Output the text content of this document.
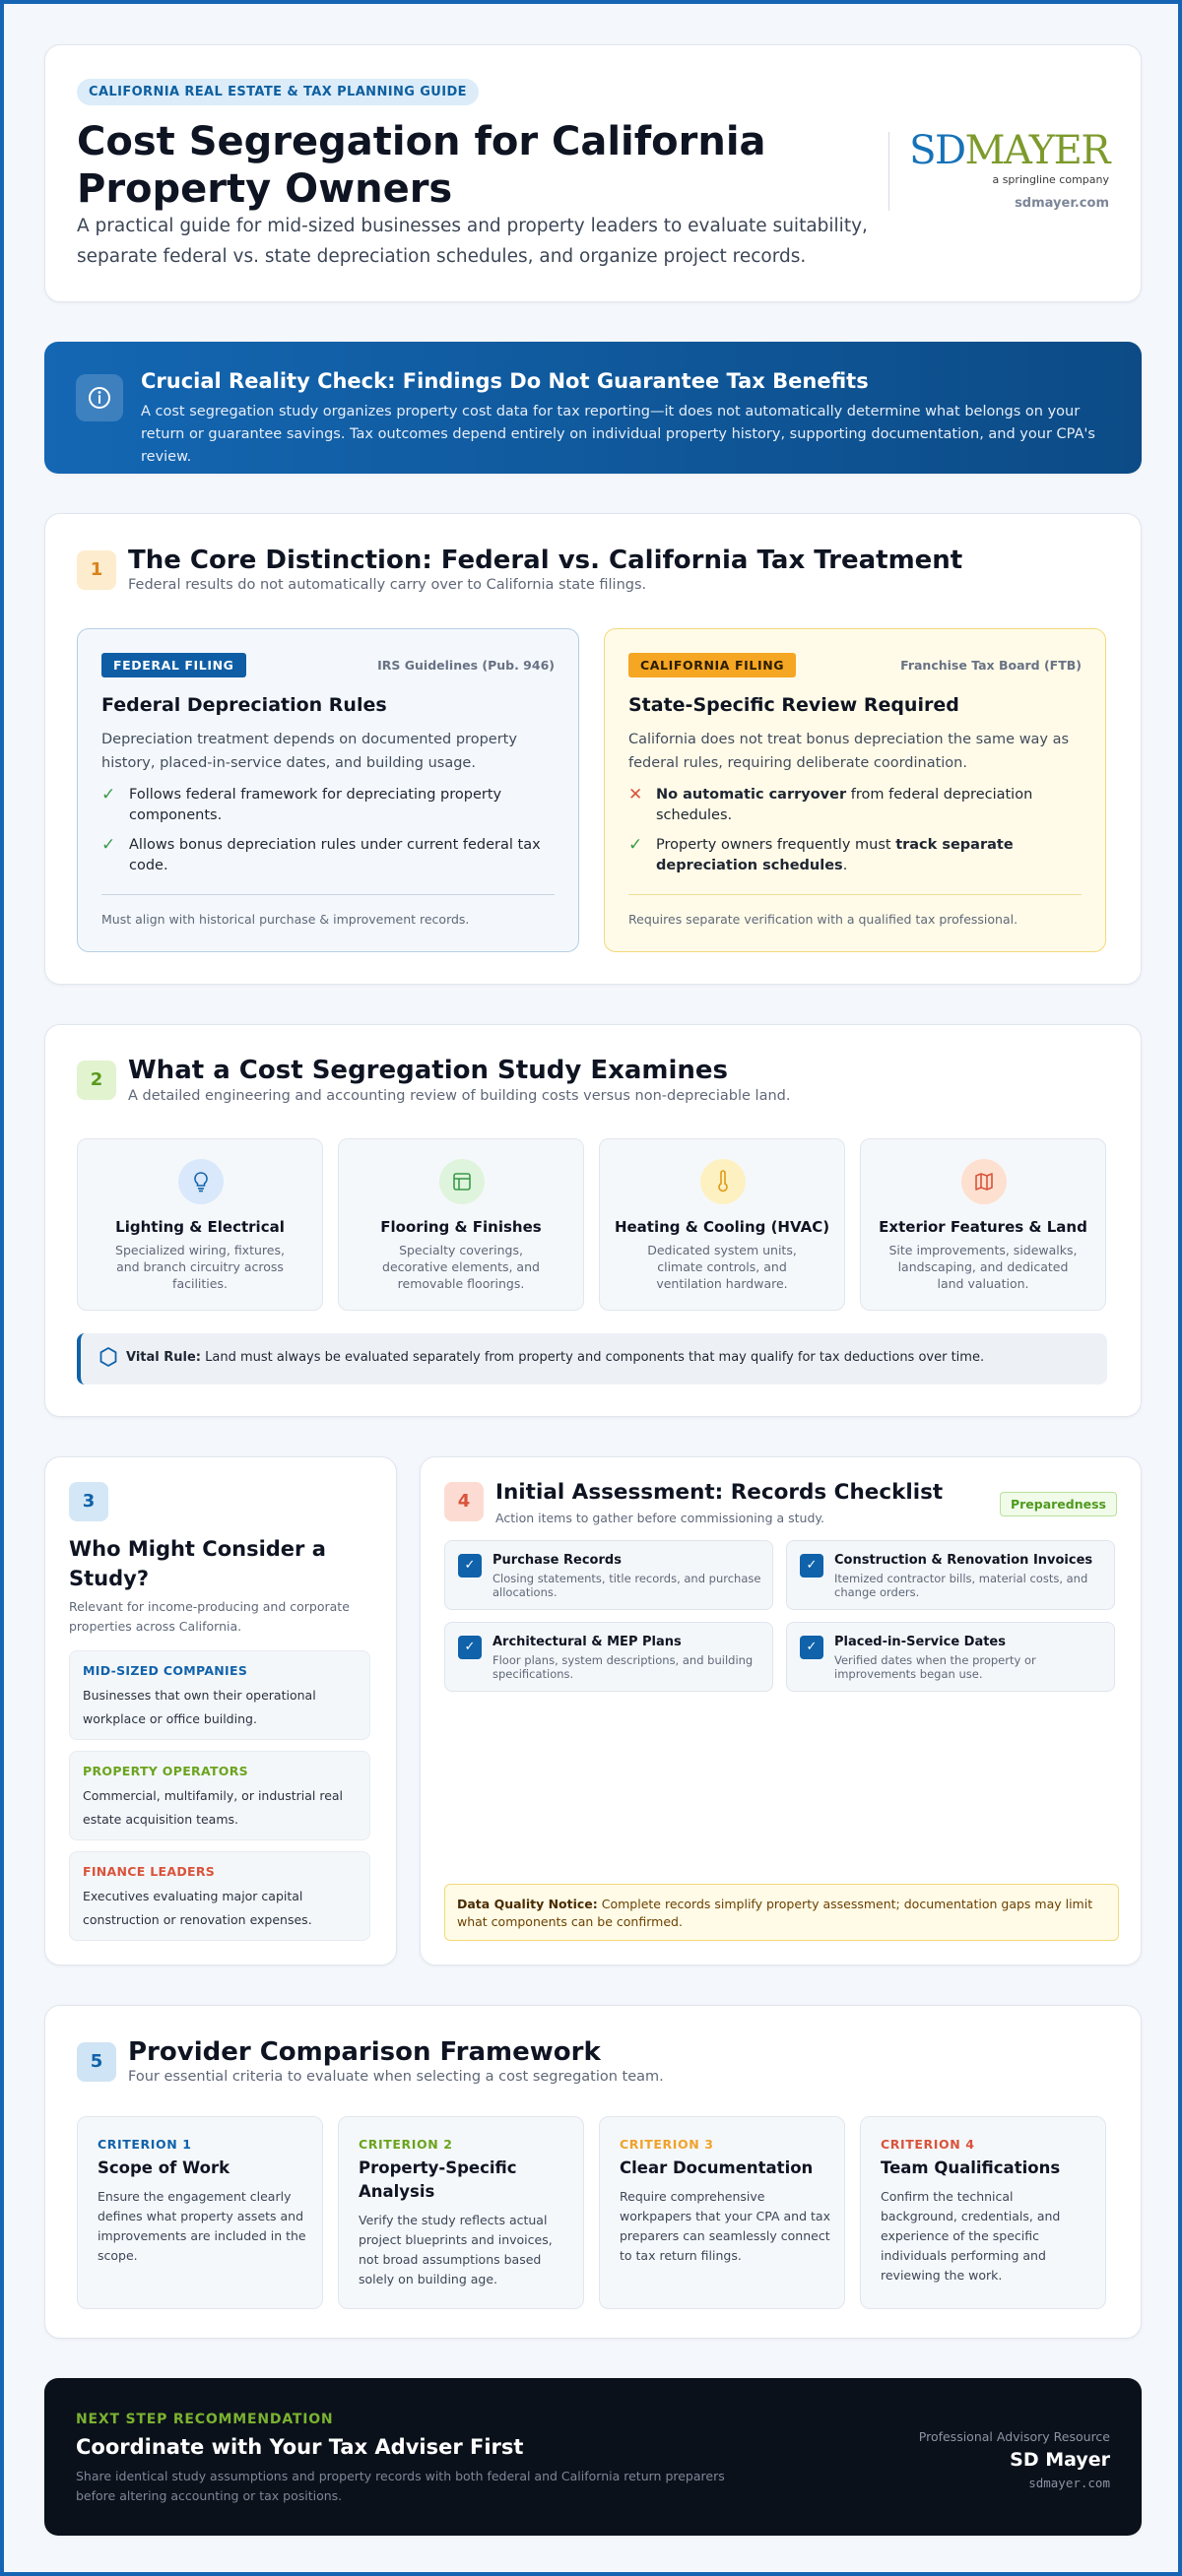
CALIFORNIA REAL ESTATE & TAX PLANNING GUIDE
Cost Segregation for California Property Owners

A practical guide for mid-sized businesses and property leaders to evaluate suitability, separate federal vs. state depreciation schedules, and organize project records.

SDMAYER
a springline company
sdmayer.com
Crucial Reality Check: Findings Do Not Guarantee Tax Benefits
A cost segregation study organizes property cost data for tax reporting—it does not automatically determine what belongs on your return or guarantee savings. Tax outcomes depend entirely on individual property history, supporting documentation, and your CPA's review.
1 The Core Distinction: Federal vs. California Tax Treatment
Federal results do not automatically carry over to California state filings.
FEDERAL FILING	IRS Guidelines (Pub. 946)
Federal Depreciation Rules
Depreciation treatment depends on documented property history, placed-in-service dates, and building usage.
✓ Follows federal framework for depreciating property components.
✓ Allows bonus depreciation rules under current federal tax code.
Must align with historical purchase & improvement records.
CALIFORNIA FILING	Franchise Tax Board (FTB)
State-Specific Review Required
California does not treat bonus depreciation the same way as federal rules, requiring deliberate coordination.
✕ No automatic carryover from federal depreciation schedules.
✓ Property owners frequently must track separate depreciation schedules.
Requires separate verification with a qualified tax professional.
2 What a Cost Segregation Study Examines
A detailed engineering and accounting review of building costs versus non-depreciable land.
Lighting & Electrical
Specialized wiring, fixtures, and branch circuitry across facilities.
Flooring & Finishes
Specialty coverings, decorative elements, and removable floorings.
Heating & Cooling (HVAC)
Dedicated system units, climate controls, and ventilation hardware.
Exterior Features & Land
Site improvements, sidewalks, landscaping, and dedicated land valuation.
Vital Rule: Land must always be evaluated separately from property and components that may qualify for tax deductions over time.
3
Who Might Consider a Study?
Relevant for income-producing and corporate properties across California.
MID-SIZED COMPANIES
Businesses that own their operational workplace or office building.
PROPERTY OPERATORS
Commercial, multifamily, or industrial real estate acquisition teams.
FINANCE LEADERS
Executives evaluating major capital construction or renovation expenses.
4	Initial Assessment: Records Checklist
Action items to gather before commissioning a study.
Preparedness
✓	Purchase Records
Closing statements, title records, and purchase allocations.
✓	Construction & Renovation Invoices
Itemized contractor bills, material costs, and change orders.
✓	Architectural & MEP Plans
Floor plans, system descriptions, and building specifications.
✓	Placed-in-Service Dates
Verified dates when the property or improvements began use.
Data Quality Notice: Complete records simplify property assessment; documentation gaps may limit what components can be confirmed.
5 Provider Comparison Framework
Four essential criteria to evaluate when selecting a cost segregation team.
CRITERION 1
Scope of Work
Ensure the engagement clearly defines what property assets and improvements are included in the scope.
CRITERION 2
Property-Specific Analysis
Verify the study reflects actual project blueprints and invoices, not broad assumptions based solely on building age.
CRITERION 3
Clear Documentation
Require comprehensive workpapers that your CPA and tax preparers can seamlessly connect to tax return filings.
CRITERION 4
Team Qualifications
Confirm the technical background, credentials, and experience of the specific individuals performing and reviewing the work.
NEXT STEP RECOMMENDATION
Coordinate with Your Tax Adviser First
Share identical study assumptions and property records with both federal and California return preparers before altering accounting or tax positions.
Professional Advisory Resource
SD Mayer
sdmayer.com
